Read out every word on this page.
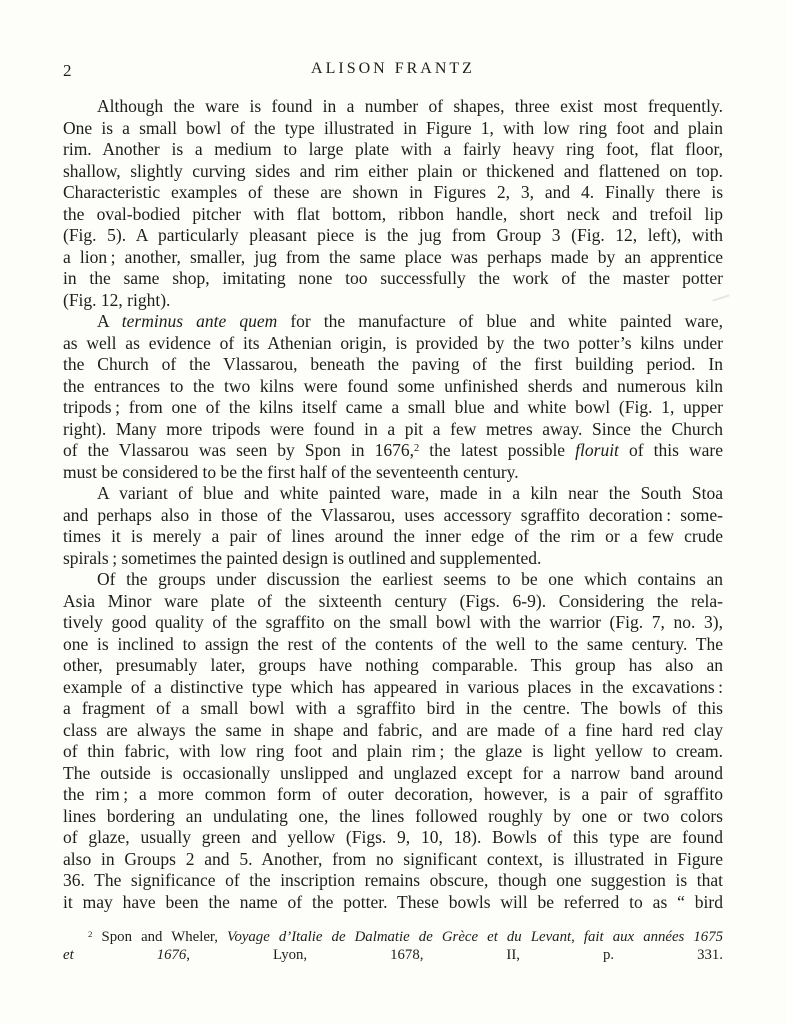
2	ALISON FRANTZ
Although the ware is found in a number of shapes, three exist most frequently.
One is a small bowl of the type illustrated in Figure 1, with low ring foot and plain
rim. Another is a medium to large plate with a fairly heavy ring foot, flat floor,
shallow, slightly curving sides and rim either plain or thickened and flattened on top.
Characteristic examples of these are shown in Figures 2, 3, and 4. Finally there is
the oval-bodied pitcher with flat bottom, ribbon handle, short neck and trefoil lip
(Fig. 5). A particularly pleasant piece is the jug from Group 3 (Fig. 12, left), with
a lion ; another, smaller, jug from the same place was perhaps made by an apprentice
in the same shop, imitating none too successfully the work of the master potter
(Fig. 12, right).
A terminus ante quem for the manufacture of blue and white painted ware,
as well as evidence of its Athenian origin, is provided by the two potter’s kilns under
the Church of the Vlassarou, beneath the paving of the first building period. In
the entrances to the two kilns were found some unfinished sherds and numerous kiln
tripods ; from one of the kilns itself came a small blue and white bowl (Fig. 1, upper
right). Many more tripods were found in a pit a few metres away. Since the Church
of the Vlassarou was seen by Spon in 1676,$^2$ the latest possible floruit of this ware
must be considered to be the first half of the seventeenth century.
A variant of blue and white painted ware, made in a kiln near the South Stoa
and perhaps also in those of the Vlassarou, uses accessory sgraffito decoration : some-
times it is merely a pair of lines around the inner edge of the rim or a few crude
spirals ; sometimes the painted design is outlined and supplemented.
Of the groups under discussion the earliest seems to be one which contains an
Asia Minor ware plate of the sixteenth century (Figs. 6-9). Considering the rela-
tively good quality of the sgraffito on the small bowl with the warrior (Fig. 7, no. 3),
one is inclined to assign the rest of the contents of the well to the same century. The
other, presumably later, groups have nothing comparable. This group has also an
example of a distinctive type which has appeared in various places in the excavations :
a fragment of a small bowl with a sgraffito bird in the centre. The bowls of this
class are always the same in shape and fabric, and are made of a fine hard red clay
of thin fabric, with low ring foot and plain rim ; the glaze is light yellow to cream.
The outside is occasionally unslipped and unglazed except for a narrow band around
the rim ; a more common form of outer decoration, however, is a pair of sgraffito
lines bordering an undulating one, the lines followed roughly by one or two colors
of glaze, usually green and yellow (Figs. 9, 10, 18). Bowls of this type are found
also in Groups 2 and 5. Another, from no significant context, is illustrated in Figure
36. The significance of the inscription remains obscure, though one suggestion is that
it may have been the name of the potter. These bowls will be referred to as “ bird
$^2$ Spon and Wheler, Voyage d’Italie de Dalmatie de Grèce et du Levant, fait aux années 1675
et 1676, Lyon, 1678, II, p. 331.
